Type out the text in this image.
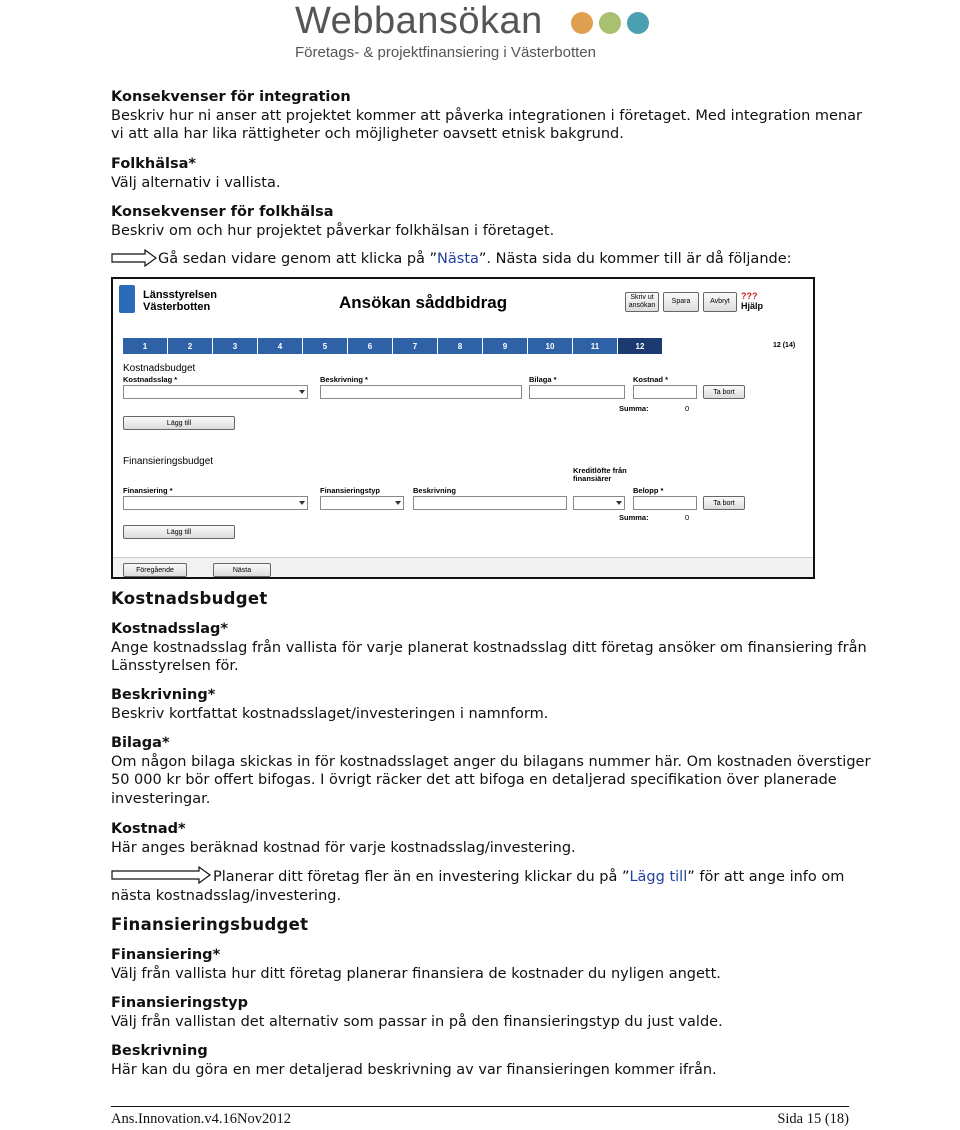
Webbansökan
Företags- & projektfinansiering i Västerbotten

Konsekvenser för integration

Beskriv hur ni anser att projektet kommer att påverka integrationen i företaget. Med integration menar vi att alla har lika rättigheter och möjligheter oavsett etnisk bakgrund.

Folkhälsa*

Välj alternativ i vallista.

Konsekvenser för folkhälsa

Beskriv om och hur projektet påverkar folkhälsan i företaget.

Gå sedan vidare genom att klicka på ”Nästa”. Nästa sida du kommer till är då följande:
Länsstyrelsen
Västerbotten	Ansökan såddbidrag	Skriv ut ansökan
Spara	Avbryt
???
Hjälp
1	2	3	4	5	6	7	8	9	10	11	12	12 (14)
Kostnadsbudget
Kostnadsslag *	Beskrivning *	Bilaga *	Kostnad *
Ta bort
Summa:	0
Lägg till
Finansieringsbudget
Kreditlöfte från finansiärer
Finansiering *	Finansieringstyp	Beskrivning	Belopp *
Ta bort
Summa:	0
Lägg till
Föregående	Nästa
Kostnadsbudget

Kostnadsslag*

Ange kostnadsslag från vallista för varje planerat kostnadsslag ditt företag ansöker om finansiering från Länsstyrelsen för.

Beskrivning*

Beskriv kortfattat kostnadsslaget/investeringen i namnform.

Bilaga*

Om någon bilaga skickas in för kostnadsslaget anger du bilagans nummer här. Om kostnaden överstiger 50 000 kr bör offert bifogas. I övrigt räcker det att bifoga en detaljerad specifikation över planerade investeringar.

Kostnad*

Här anges beräknad kostnad för varje kostnadsslag/investering.

Planerar ditt företag fler än en investering klickar du på ”Lägg till” för att ange info om nästa kostnadsslag/investering.
Finansieringsbudget

Finansiering*

Välj från vallista hur ditt företag planerar finansiera de kostnader du nyligen angett.

Finansieringstyp

Välj från vallistan det alternativ som passar in på den finansieringstyp du just valde.

Beskrivning

Här kan du göra en mer detaljerad beskrivning av var finansieringen kommer ifrån.

Ans.Innovation.v4.16Nov2012	Sida 15 (18)
